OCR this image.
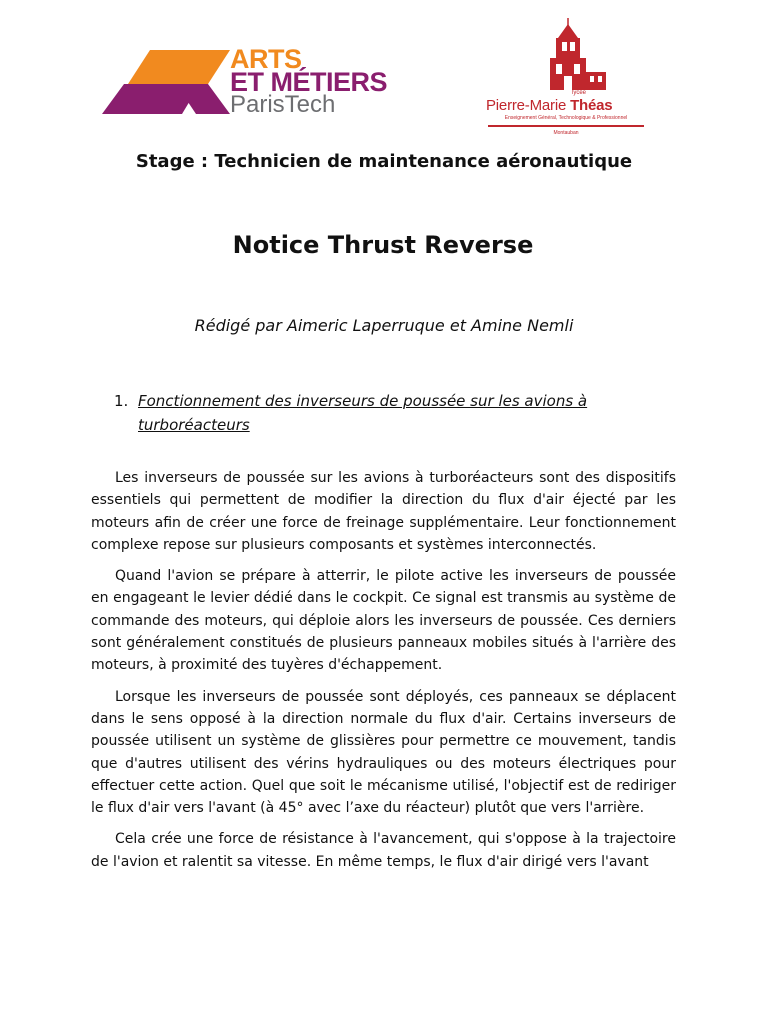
ARTS
ET MÉTIERS
ParisTech	lycée
Pierre-Marie Théas
Enseignement Général, Technologique & Professionnel
Montauban
Stage : Technicien de maintenance aéronautique
Notice Thrust Reverse
Rédigé par Aimeric Laperruque et Amine Nemli
1. Fonctionnement des inverseurs de poussée sur les avions à turboréacteurs

Les inverseurs de poussée sur les avions à turboréacteurs sont des dispositifs essentiels qui permettent de modifier la direction du flux d'air éjecté par les moteurs afin de créer une force de freinage supplémentaire. Leur fonctionnement complexe repose sur plusieurs composants et systèmes interconnectés.

Quand l'avion se prépare à atterrir, le pilote active les inverseurs de poussée en engageant le levier dédié dans le cockpit. Ce signal est transmis au système de commande des moteurs, qui déploie alors les inverseurs de poussée. Ces derniers sont généralement constitués de plusieurs panneaux mobiles situés à l'arrière des moteurs, à proximité des tuyères d'échappement.

Lorsque les inverseurs de poussée sont déployés, ces panneaux se déplacent dans le sens opposé à la direction normale du flux d'air. Certains inverseurs de poussée utilisent un système de glissières pour permettre ce mouvement, tandis que d'autres utilisent des vérins hydrauliques ou des moteurs électriques pour effectuer cette action. Quel que soit le mécanisme utilisé, l'objectif est de rediriger le flux d'air vers l'avant (à 45° avec l’axe du réacteur) plutôt que vers l'arrière.

Cela crée une force de résistance à l'avancement, qui s'oppose à la trajectoire de l'avion et ralentit sa vitesse. En même temps, le flux d'air dirigé vers l'avant
